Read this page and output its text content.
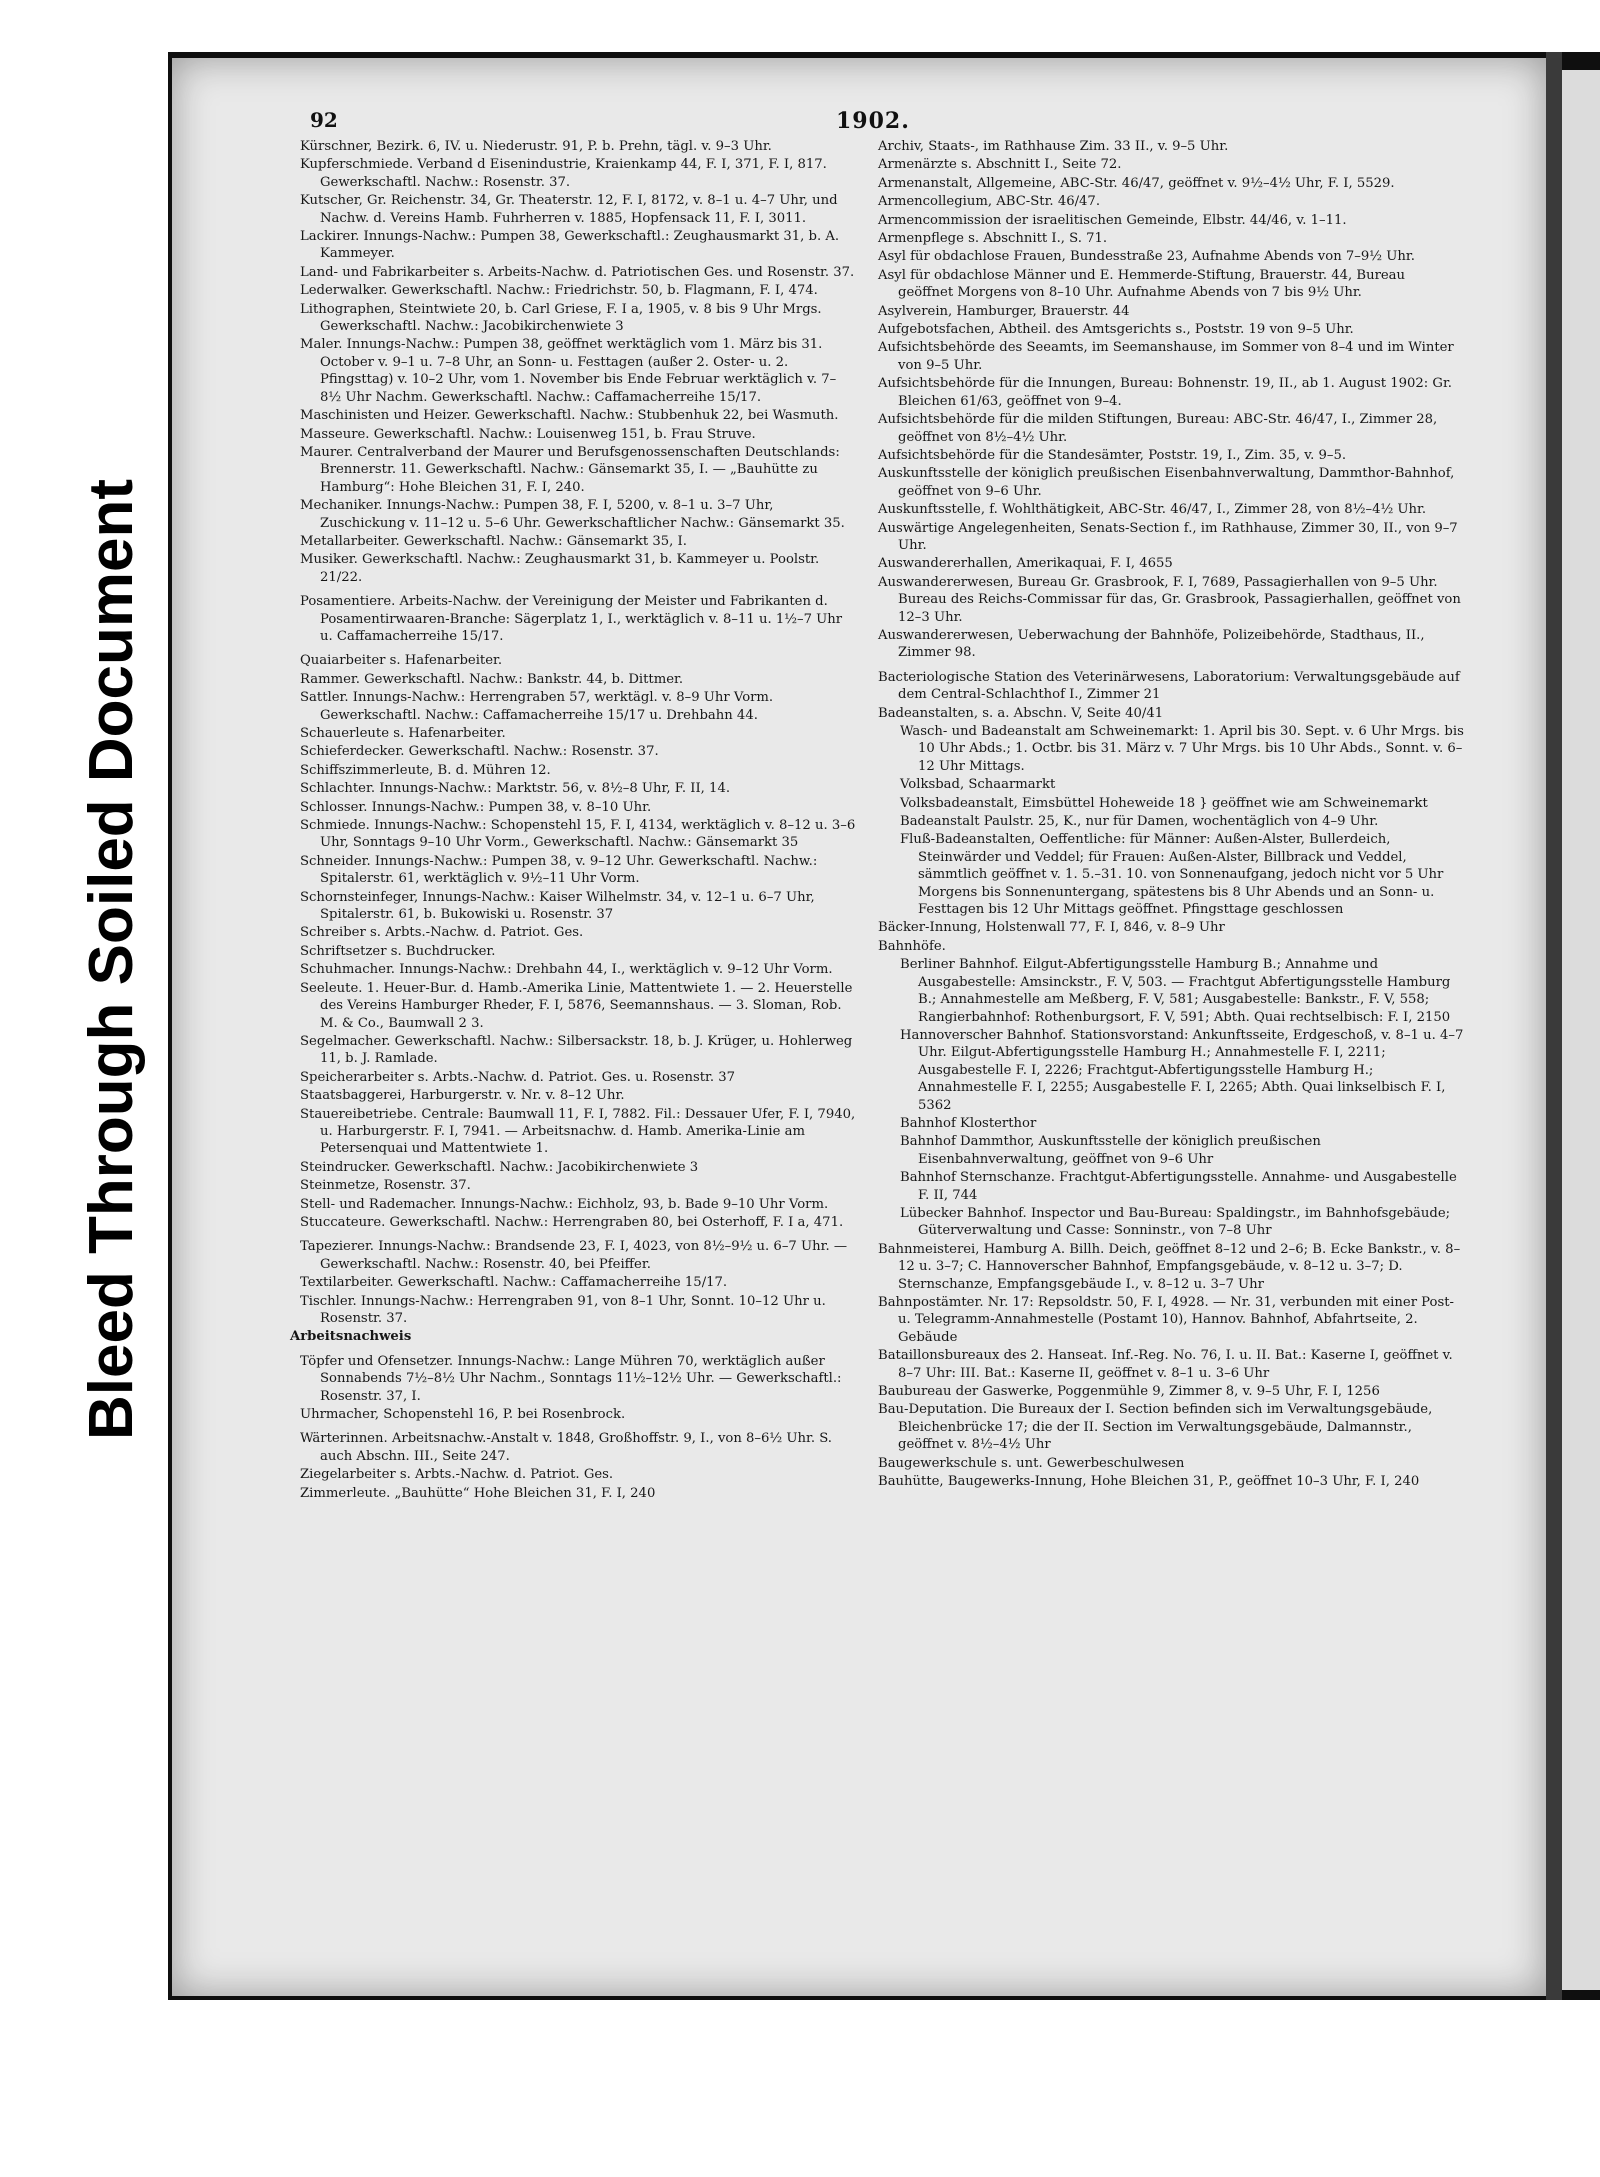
Bleed Through Soiled Document
92	1902.
Kürschner, Bezirk. 6, IV. u. Niederustr. 91, P. b. Prehn, tägl. v. 9–3 Uhr.
Kupferschmiede. Verband d Eisenindustrie, Kraienkamp 44, F. I, 371, F. I, 817. Gewerkschaftl. Nachw.: Rosenstr. 37.
Kutscher, Gr. Reichenstr. 34, Gr. Theaterstr. 12, F. I, 8172, v. 8–1 u. 4–7 Uhr, und Nachw. d. Vereins Hamb. Fuhrherren v. 1885, Hopfensack 11, F. I, 3011.
Lackirer. Innungs-Nachw.: Pumpen 38, Gewerkschaftl.: Zeughausmarkt 31, b. A. Kammeyer.
Land- und Fabrikarbeiter s. Arbeits-Nachw. d. Patriotischen Ges. und Rosenstr. 37.
Lederwalker. Gewerkschaftl. Nachw.: Friedrichstr. 50, b. Flagmann, F. I, 474.
Lithographen, Steintwiete 20, b. Carl Griese, F. I a, 1905, v. 8 bis 9 Uhr Mrgs. Gewerkschaftl. Nachw.: Jacobikirchenwiete 3
Maler. Innungs-Nachw.: Pumpen 38, geöffnet werktäglich vom 1. März bis 31. October v. 9–1 u. 7–8 Uhr, an Sonn- u. Festtagen (außer 2. Oster- u. 2. Pfingsttag) v. 10–2 Uhr, vom 1. November bis Ende Februar werktäglich v. 7–8½ Uhr Nachm. Gewerkschaftl. Nachw.: Caffamacherreihe 15/17.
Maschinisten und Heizer. Gewerkschaftl. Nachw.: Stubbenhuk 22, bei Wasmuth.
Masseure. Gewerkschaftl. Nachw.: Louisenweg 151, b. Frau Struve.
Maurer. Centralverband der Maurer und Berufsgenossenschaften Deutschlands: Brennerstr. 11. Gewerkschaftl. Nachw.: Gänsemarkt 35, I. — „Bauhütte zu Hamburg“: Hohe Bleichen 31, F. I, 240.
Mechaniker. Innungs-Nachw.: Pumpen 38, F. I, 5200, v. 8–1 u. 3–7 Uhr, Zuschickung v. 11–12 u. 5–6 Uhr. Gewerkschaftlicher Nachw.: Gänsemarkt 35.
Metallarbeiter. Gewerkschaftl. Nachw.: Gänsemarkt 35, I.
Musiker. Gewerkschaftl. Nachw.: Zeughausmarkt 31, b. Kammeyer u. Poolstr. 21/22.
Posamentiere. Arbeits-Nachw. der Vereinigung der Meister und Fabrikanten d. Posamentirwaaren-Branche: Sägerplatz 1, I., werktäglich v. 8–11 u. 1½–7 Uhr u. Caffamacherreihe 15/17.
Quaiarbeiter s. Hafenarbeiter.
Rammer. Gewerkschaftl. Nachw.: Bankstr. 44, b. Dittmer.
Sattler. Innungs-Nachw.: Herrengraben 57, werktägl. v. 8–9 Uhr Vorm. Gewerkschaftl. Nachw.: Caffamacherreihe 15/17 u. Drehbahn 44.
Schauerleute s. Hafenarbeiter.
Schieferdecker. Gewerkschaftl. Nachw.: Rosenstr. 37.
Schiffszimmerleute, B. d. Mühren 12.
Schlachter. Innungs-Nachw.: Marktstr. 56, v. 8½–8 Uhr, F. II, 14.
Schlosser. Innungs-Nachw.: Pumpen 38, v. 8–10 Uhr.
Schmiede. Innungs-Nachw.: Schopenstehl 15, F. I, 4134, werktäglich v. 8–12 u. 3–6 Uhr, Sonntags 9–10 Uhr Vorm., Gewerkschaftl. Nachw.: Gänsemarkt 35
Schneider. Innungs-Nachw.: Pumpen 38, v. 9–12 Uhr. Gewerkschaftl. Nachw.: Spitalerstr. 61, werktäglich v. 9½–11 Uhr Vorm.
Schornsteinfeger, Innungs-Nachw.: Kaiser Wilhelmstr. 34, v. 12–1 u. 6–7 Uhr, Spitalerstr. 61, b. Bukowiski u. Rosenstr. 37
Schreiber s. Arbts.-Nachw. d. Patriot. Ges.
Schriftsetzer s. Buchdrucker.
Schuhmacher. Innungs-Nachw.: Drehbahn 44, I., werktäglich v. 9–12 Uhr Vorm.
Seeleute. 1. Heuer-Bur. d. Hamb.-Amerika Linie, Mattentwiete 1. — 2. Heuerstelle des Vereins Hamburger Rheder, F. I, 5876, Seemannshaus. — 3. Sloman, Rob. M. & Co., Baumwall 2 3.
Segelmacher. Gewerkschaftl. Nachw.: Silbersackstr. 18, b. J. Krüger, u. Hohlerweg 11, b. J. Ramlade.
Speicherarbeiter s. Arbts.-Nachw. d. Patriot. Ges. u. Rosenstr. 37
Staatsbaggerei, Harburgerstr. v. Nr. v. 8–12 Uhr.
Stauereibetriebe. Centrale: Baumwall 11, F. I, 7882. Fil.: Dessauer Ufer, F. I, 7940, u. Harburgerstr. F. I, 7941. — Arbeitsnachw. d. Hamb. Amerika-Linie am Petersenquai und Mattentwiete 1.
Steindrucker. Gewerkschaftl. Nachw.: Jacobikirchenwiete 3
Steinmetze, Rosenstr. 37.
Stell- und Rademacher. Innungs-Nachw.: Eichholz, 93, b. Bade 9–10 Uhr Vorm.
Stuccateure. Gewerkschaftl. Nachw.: Herrengraben 80, bei Osterhoff, F. I a, 471.
Tapezierer. Innungs-Nachw.: Brandsende 23, F. I, 4023, von 8½–9½ u. 6–7 Uhr. — Gewerkschaftl. Nachw.: Rosenstr. 40, bei Pfeiffer.
Textilarbeiter. Gewerkschaftl. Nachw.: Caffamacherreihe 15/17.
Tischler. Innungs-Nachw.: Herrengraben 91, von 8–1 Uhr, Sonnt. 10–12 Uhr u. Rosenstr. 37.
Arbeitsnachweis
Töpfer und Ofensetzer. Innungs-Nachw.: Lange Mühren 70, werktäglich außer Sonnabends 7½–8½ Uhr Nachm., Sonntags 11½–12½ Uhr. — Gewerkschaftl.: Rosenstr. 37, I.
Uhrmacher, Schopenstehl 16, P. bei Rosenbrock.
Wärterinnen. Arbeitsnachw.-Anstalt v. 1848, Großhoffstr. 9, I., von 8–6½ Uhr. S. auch Abschn. III., Seite 247.
Ziegelarbeiter s. Arbts.-Nachw. d. Patriot. Ges.
Zimmerleute. „Bauhütte“ Hohe Bleichen 31, F. I, 240
Archiv, Staats-, im Rathhause Zim. 33 II., v. 9–5 Uhr.
Armenärzte s. Abschnitt I., Seite 72.
Armenanstalt, Allgemeine, ABC-Str. 46/47, geöffnet v. 9½–4½ Uhr, F. I, 5529.
Armencollegium, ABC-Str. 46/47.
Armencommission der israelitischen Gemeinde, Elbstr. 44/46, v. 1–11.
Armenpflege s. Abschnitt I., S. 71.
Asyl für obdachlose Frauen, Bundesstraße 23, Aufnahme Abends von 7–9½ Uhr.
Asyl für obdachlose Männer und E. Hemmerde-Stiftung, Brauerstr. 44, Bureau geöffnet Morgens von 8–10 Uhr. Aufnahme Abends von 7 bis 9½ Uhr.
Asylverein, Hamburger, Brauerstr. 44
Aufgebotsfachen, Abtheil. des Amtsgerichts s., Poststr. 19 von 9–5 Uhr.
Aufsichtsbehörde des Seeamts, im Seemanshause, im Sommer von 8–4 und im Winter von 9–5 Uhr.
Aufsichtsbehörde für die Innungen, Bureau: Bohnenstr. 19, II., ab 1. August 1902: Gr. Bleichen 61/63, geöffnet von 9–4.
Aufsichtsbehörde für die milden Stiftungen, Bureau: ABC-Str. 46/47, I., Zimmer 28, geöffnet von 8½–4½ Uhr.
Aufsichtsbehörde für die Standesämter, Poststr. 19, I., Zim. 35, v. 9–5.
Auskunftsstelle der königlich preußischen Eisenbahnverwaltung, Dammthor-Bahnhof, geöffnet von 9–6 Uhr.
Auskunftsstelle, f. Wohlthätigkeit, ABC-Str. 46/47, I., Zimmer 28, von 8½–4½ Uhr.
Auswärtige Angelegenheiten, Senats-Section f., im Rathhause, Zimmer 30, II., von 9–7 Uhr.
Auswandererhallen, Amerikaquai, F. I, 4655
Auswandererwesen, Bureau Gr. Grasbrook, F. I, 7689, Passagierhallen von 9–5 Uhr. Bureau des Reichs-Commissar für das, Gr. Grasbrook, Passagierhallen, geöffnet von 12–3 Uhr.
Auswandererwesen, Ueberwachung der Bahnhöfe, Polizeibehörde, Stadthaus, II., Zimmer 98.
Bacteriologische Station des Veterinärwesens, Laboratorium: Verwaltungsgebäude auf dem Central-Schlachthof I., Zimmer 21
Badeanstalten, s. a. Abschn. V, Seite 40/41
Wasch- und Badeanstalt am Schweinemarkt: 1. April bis 30. Sept. v. 6 Uhr Mrgs. bis 10 Uhr Abds.; 1. Octbr. bis 31. März v. 7 Uhr Mrgs. bis 10 Uhr Abds., Sonnt. v. 6–12 Uhr Mittags.
Volksbad, Schaarmarkt
Volksbadeanstalt, Eimsbüttel Hoheweide 18 } geöffnet wie am Schweinemarkt
Badeanstalt Paulstr. 25, K., nur für Damen, wochentäglich von 4–9 Uhr.
Fluß-Badeanstalten, Oeffentliche: für Männer: Außen-Alster, Bullerdeich, Steinwärder und Veddel; für Frauen: Außen-Alster, Billbrack und Veddel, sämmtlich geöffnet v. 1. 5.–31. 10. von Sonnenaufgang, jedoch nicht vor 5 Uhr Morgens bis Sonnenuntergang, spätestens bis 8 Uhr Abends und an Sonn- u. Festtagen bis 12 Uhr Mittags geöffnet. Pfingsttage geschlossen
Bäcker-Innung, Holstenwall 77, F. I, 846, v. 8–9 Uhr
Bahnhöfe.
Berliner Bahnhof. Eilgut-Abfertigungsstelle Hamburg B.; Annahme und Ausgabestelle: Amsinckstr., F. V, 503. — Frachtgut Abfertigungsstelle Hamburg B.; Annahmestelle am Meßberg, F. V, 581; Ausgabestelle: Bankstr., F. V, 558; Rangierbahnhof: Rothenburgsort, F. V, 591; Abth. Quai rechtselbisch: F. I, 2150
Hannoverscher Bahnhof. Stationsvorstand: Ankunftsseite, Erdgeschoß, v. 8–1 u. 4–7 Uhr. Eilgut-Abfertigungsstelle Hamburg H.; Annahmestelle F. I, 2211; Ausgabestelle F. I, 2226; Frachtgut-Abfertigungsstelle Hamburg H.; Annahmestelle F. I, 2255; Ausgabestelle F. I, 2265; Abth. Quai linkselbisch F. I, 5362
Bahnhof Klosterthor
Bahnhof Dammthor, Auskunftsstelle der königlich preußischen Eisenbahnverwaltung, geöffnet von 9–6 Uhr
Bahnhof Sternschanze. Frachtgut-Abfertigungsstelle. Annahme- und Ausgabestelle F. II, 744
Lübecker Bahnhof. Inspector und Bau-Bureau: Spaldingstr., im Bahnhofsgebäude; Güterverwaltung und Casse: Sonninstr., von 7–8 Uhr
Bahnmeisterei, Hamburg A. Billh. Deich, geöffnet 8–12 und 2–6; B. Ecke Bankstr., v. 8–12 u. 3–7; C. Hannoverscher Bahnhof, Empfangsgebäude, v. 8–12 u. 3–7; D. Sternschanze, Empfangsgebäude I., v. 8–12 u. 3–7 Uhr
Bahnpostämter. Nr. 17: Repsoldstr. 50, F. I, 4928. — Nr. 31, verbunden mit einer Post- u. Telegramm-Annahmestelle (Postamt 10), Hannov. Bahnhof, Abfahrtseite, 2. Gebäude
Bataillonsbureaux des 2. Hanseat. Inf.-Reg. No. 76, I. u. II. Bat.: Kaserne I, geöffnet v. 8–7 Uhr: III. Bat.: Kaserne II, geöffnet v. 8–1 u. 3–6 Uhr
Baubureau der Gaswerke, Poggenmühle 9, Zimmer 8, v. 9–5 Uhr, F. I, 1256
Bau-Deputation. Die Bureaux der I. Section befinden sich im Verwaltungsgebäude, Bleichenbrücke 17; die der II. Section im Verwaltungsgebäude, Dalmannstr., geöffnet v. 8½–4½ Uhr
Baugewerkschule s. unt. Gewerbeschulwesen
Bauhütte, Baugewerks-Innung, Hohe Bleichen 31, P., geöffnet 10–3 Uhr, F. I, 240
